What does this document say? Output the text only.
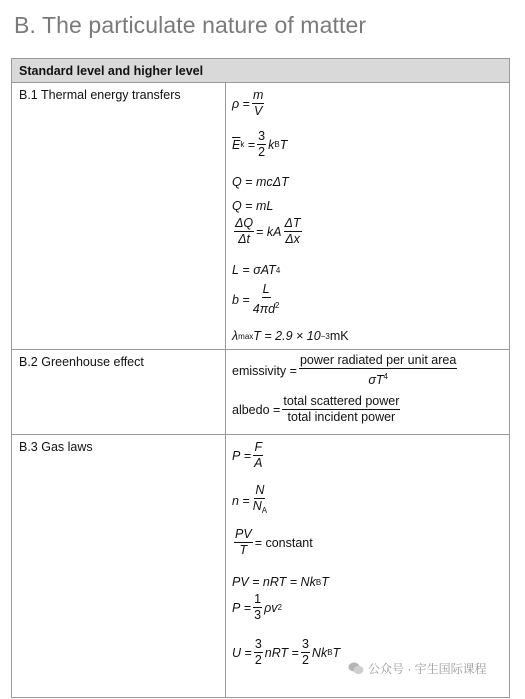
B. The particulate nature of matter
Standard level and higher level
B.1 Thermal energy transfers
ρ
= $\frac{m}{V}$
$\overline{E}$ k
= $\frac{3}{2}$ k B T
Q
=
mc ΔT
Q
=
mL
$\frac{\Delta Q}{\Delta t}$ =
kA $\frac{\Delta T}{\Delta x}$
L
=
σAT 4
b
= $\frac{L}{4\pi d^2}$
λ max T = 2.9 × 10 −3 mK
B.2 Greenhouse effect
emissivity
= $\frac{\text{power radiated per unit area}}{\sigma T^4}$
albedo
= $\frac{\text{total scattered power}}{\text{total incident power}}$
B.3 Gas laws
P
= $\frac{F}{A}$
n
= $\frac{N}{N_A}$
$\frac{PV}{T}$ = constant
PV = nRT = Nk B T
P
= $\frac{1}{3}$ ρv 2
U
= $\frac{3}{2}$ nRT
= $\frac{3}{2}$ Nk B T
公众号 · 宇生国际课程
